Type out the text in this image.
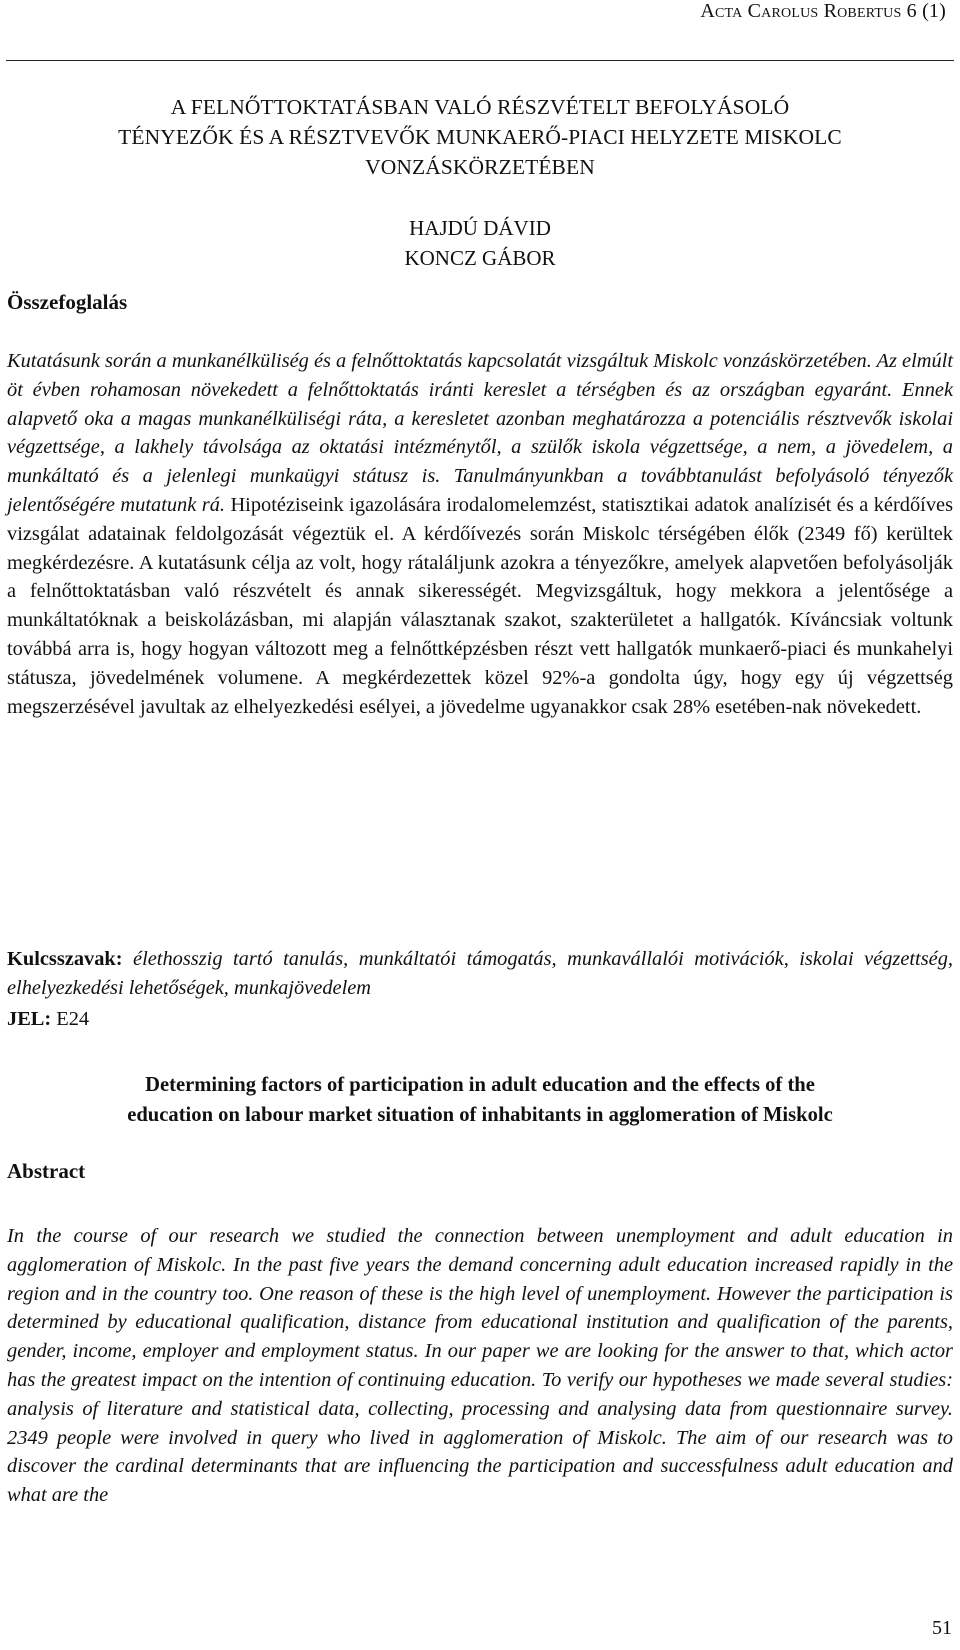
Acta Carolus Robertus 6 (1)
A FELNŐTTOKTATÁSBAN VALÓ RÉSZVÉTELT BEFOLYÁSOLÓ
TÉNYEZŐK ÉS A RÉSZTVEVŐK MUNKAERŐ-PIACI HELYZETE MISKOLC
VONZÁSKÖRZETÉBEN
HAJDÚ DÁVID
KONCZ GÁBOR
Összefoglalás
Kutatásunk során a munkanélküliség és a felnőttoktatás kapcsolatát vizsgáltuk Miskolc vonzáskörzetében. Az elmúlt öt évben rohamosan növekedett a felnőttoktatás iránti kereslet a térségben és az országban egyaránt. Ennek alapvető oka a magas munkanélküliségi ráta, a keresletet azonban meghatározza a potenciális résztvevők iskolai végzettsége, a lakhely távolsága az oktatási intézménytől, a szülők iskola végzettsége, a nem, a jövedelem, a munkáltató és a jelenlegi munkaügyi státusz is. Tanulmányunkban a továbbtanulást befolyásoló tényezők jelentőségére mutatunk rá. Hipotéziseink igazolására irodalomelemzést, statisztikai adatok analízisét és a kérdőíves vizsgálat adatainak feldolgozását végeztük el. A kérdőívezés során Miskolc térségében élők (2349 fő) kerültek megkérdezésre. A kutatásunk célja az volt, hogy rátaláljunk azokra a tényezőkre, amelyek alapvetően befolyásolják a felnőttoktatásban való részvételt és annak sikerességét. Megvizsgáltuk, hogy mekkora a jelentősége a munkáltatóknak a beiskolázásban, mi alapján választanak szakot, szakterületet a hallgatók. Kíváncsiak voltunk továbbá arra is, hogy hogyan változott meg a felnőttképzésben részt vett hallgatók munkaerő-piaci és munkahelyi státusza, jövedelmének volumene. A megkérdezettek közel 92%-a gondolta úgy, hogy egy új végzettség megszerzésével javultak az elhelyezkedési esélyei, a jövedelme ugyanakkor csak 28% esetében-nak növekedett.
Kulcsszavak: élethosszig tartó tanulás, munkáltatói támogatás, munkavállalói motivációk, iskolai végzettség, elhelyezkedési lehetőségek, munkajövedelem
JEL: E24
Determining factors of participation in adult education and the effects of the
education on labour market situation of inhabitants in agglomeration of Miskolc
Abstract
In the course of our research we studied the connection between unemployment and adult education in agglomeration of Miskolc. In the past five years the demand concerning adult education increased rapidly in the region and in the country too. One reason of these is the high level of unemployment. However the participation is determined by educational qualification, distance from educational institution and qualification of the parents, gender, income, employer and employment status. In our paper we are looking for the answer to that, which actor has the greatest impact on the intention of continuing education. To verify our hypotheses we made several studies: analysis of literature and statistical data, collecting, processing and analysing data from questionnaire survey. 2349 people were involved in query who lived in agglomeration of Miskolc. The aim of our research was to discover the cardinal determinants that are influencing the participation and successfulness adult education and what are the
51
